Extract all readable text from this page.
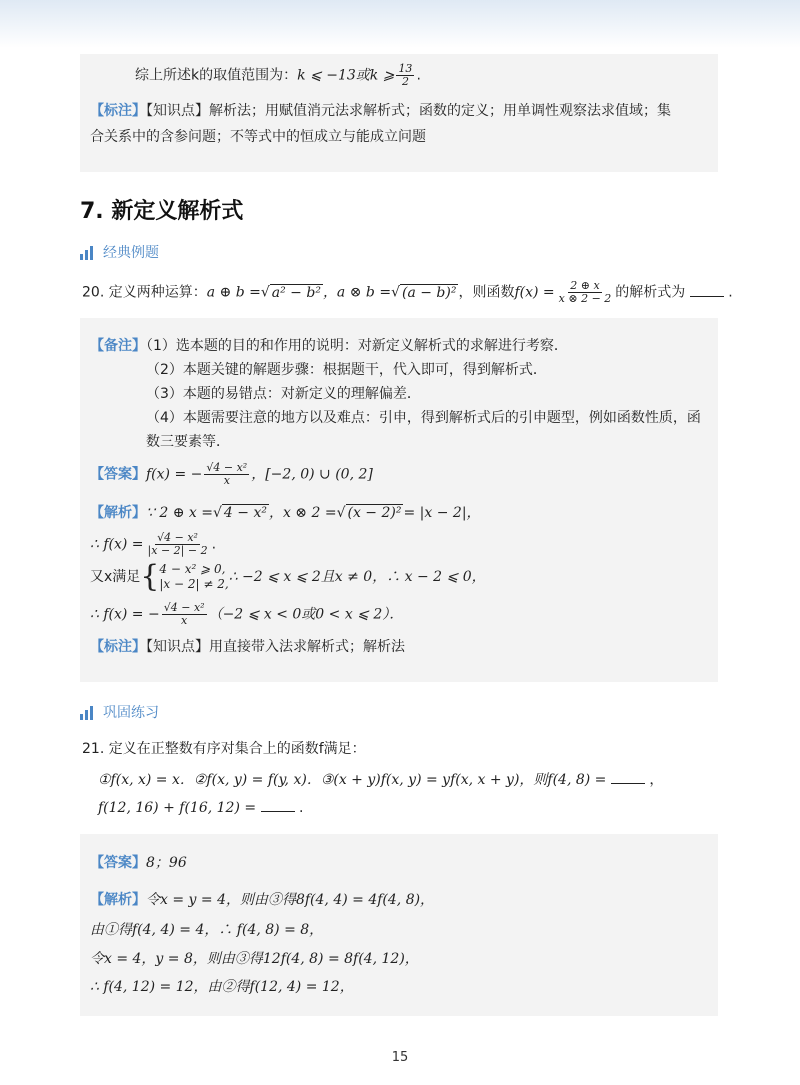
综上所述k的取值范围为：k ⩽ −13或k ⩾ $\frac{13}{2}$ .
【标注】【知识点】解析法；用赋值消元法求解析式；函数的定义；用单调性观察法求值域；集
合关系中的含参问题；不等式中的恒成立与能成立问题
7. 新定义解析式
经典例题
20. 定义两种运算：a ⊕ b =√ a² − b² ，a ⊗ b =√ (a − b)² ，则函数$f(x) = \frac{2 \oplus x}{x \otimes 2 - 2}$ 的解析式为	.
【备注】（1）选本题的目的和作用的说明：对新定义解析式的求解进行考察．
（2）本题关键的解题步骤：根据题干，代入即可，得到解析式．
（3）本题的易错点：对新定义的理解偏差．
（4）本题需要注意的地方以及难点：引申，得到解析式后的引申题型，例如函数性质，函
数三要素等．
【答案】f(x) = − $\frac{\text{√4 − x²}}{x}$ ，[−2, 0) ∪ (0, 2]
【解析】∵ 2 ⊕ x =√ 4 − x² ，x ⊗ 2 =√ (x − 2)² = |x − 2|，
∴ $f(x) = \frac{\text{√4 − x²}}{|x - 2| - 2}$ .
又x满足 { 4 − x² ⩾ 0,
|x − 2| ≠ 2, ∴ −2 ⩽ x ⩽ 2且x ≠ 0，∴ x − 2 ⩽ 0，
∴ f(x) = − $\frac{\text{√4 − x²}}{x} (-2$ ⩽ x < 0或0 < x ⩽ 2）．
【标注】【知识点】用直接带入法求解析式；解析法
巩固练习
21. 定义在正整数有序对集合上的函数f满足：
①f(x, x) = x．②f(x, y) = f(y, x)．③(x + y)f(x, y) = yf(x, x + y)，则f(4, 8) =	，
f(12, 16) + f(16, 12) =	.
【答案】8；96
【解析】令x = y = 4，则由③得8f(4, 4) = 4f(4, 8)，
由①得f(4, 4) = 4，∴ f(4, 8) = 8，
令x = 4，y = 8，则由③得12f(4, 8) = 8f(4, 12)，
∴ f(4, 12) = 12，由②得f(12, 4) = 12，
15
